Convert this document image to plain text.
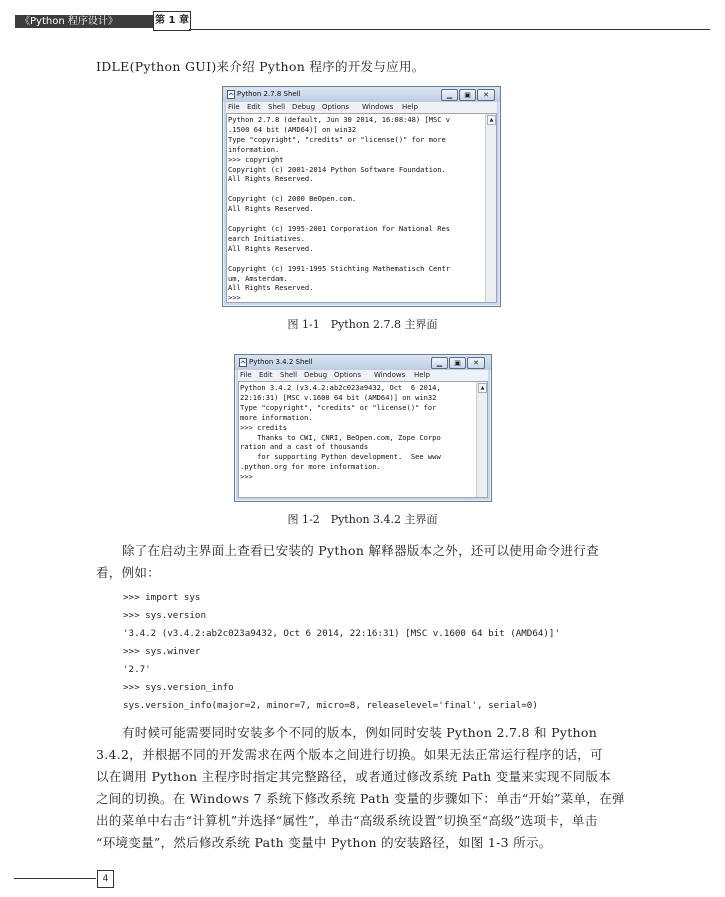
《Python 程序设计》	第 1 章
IDLE(Python GUI)来介绍 Python 程序的开发与应用。
Python 2.7.8 Shell	▁	▣	✕
File Edit Shell Debug Options Windows Help
Python 2.7.8 (default, Jun 30 2014, 16:08:48) [MSC v
.1500 64 bit (AMD64)] on win32
Type "copyright", "credits" or "license()" for more
information.
>>> copyright
Copyright (c) 2001-2014 Python Software Foundation.
All Rights Reserved.

Copyright (c) 2000 BeOpen.com.
All Rights Reserved.

Copyright (c) 1995-2001 Corporation for National Res
earch Initiatives.
All Rights Reserved.

Copyright (c) 1991-1995 Stichting Mathematisch Centr
um, Amsterdam.
All Rights Reserved.
>>>
▲
图 1-1　Python 2.7.8 主界面
Python 3.4.2 Shell	▁	▣	✕
File Edit Shell Debug Options Windows Help
Python 3.4.2 (v3.4.2:ab2c023a9432, Oct  6 2014,
22:16:31) [MSC v.1600 64 bit (AMD64)] on win32
Type "copyright", "credits" or "license()" for
more information.
>>> credits
Thanks to CWI, CNRI, BeOpen.com, Zope Corpo
ration and a cast of thousands
for supporting Python development.  See www
.python.org for more information.
>>>
▲
图 1-2　Python 3.4.2 主界面
除了在启动主界面上查看已安装的 Python 解释器版本之外，还可以使用命令进行查
看，例如：
>>> import sys
>>> sys.version
'3.4.2 (v3.4.2:ab2c023a9432, Oct 6 2014, 22:16:31) [MSC v.1600 64 bit (AMD64)]'
>>> sys.winver
'2.7'
>>> sys.version_info
sys.version_info(major=2, minor=7, micro=8, releaselevel='final', serial=0)
有时候可能需要同时安装多个不同的版本，例如同时安装 Python 2.7.8 和 Python
3.4.2，并根据不同的开发需求在两个版本之间进行切换。如果无法正常运行程序的话，可
以在调用 Python 主程序时指定其完整路径，或者通过修改系统 Path 变量来实现不同版本
之间的切换。在 Windows 7 系统下修改系统 Path 变量的步骤如下：单击“开始”菜单，在弹
出的菜单中右击“计算机”并选择“属性”，单击“高级系统设置”切换至“高级”选项卡，单击
“环境变量”，然后修改系统 Path 变量中 Python 的安装路径，如图 1-3 所示。
4
